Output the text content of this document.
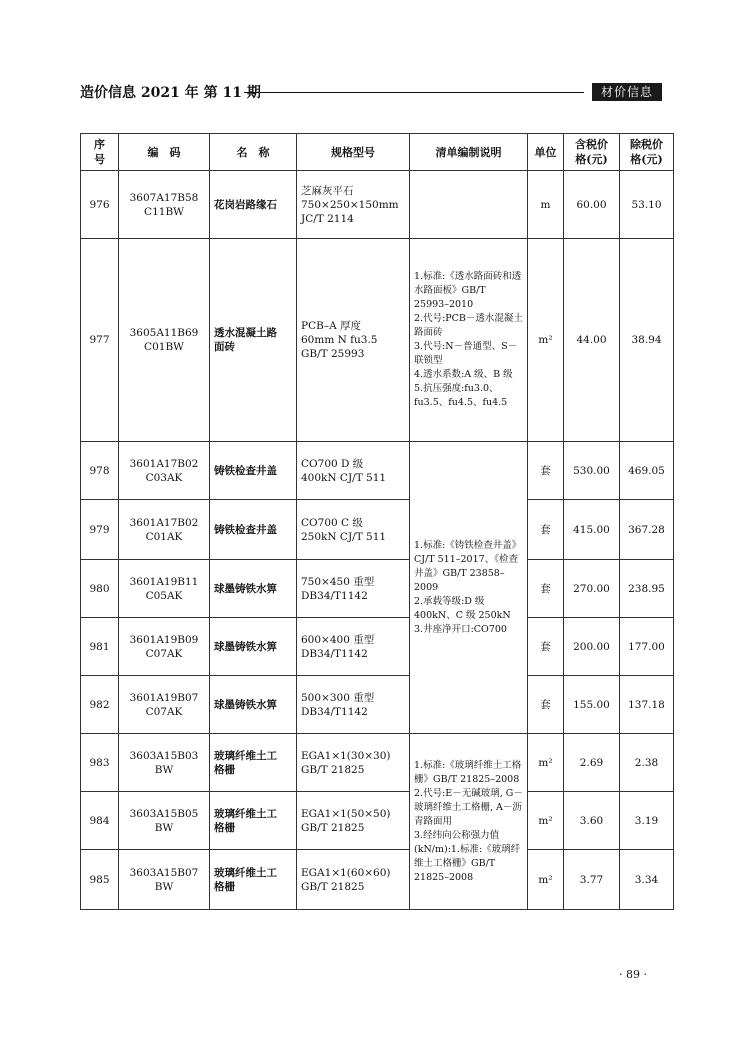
造价信息 2021 年 第 11 期	材价信息
序
号	编　码	名　称	规格型号	清单编制说明	单位	含税价
格(元)	除税价
格(元)
976	3607A17B58
C11BW	花岗岩路缘石	芝麻灰平石
750×250×150mm
JC/T 2114		m	60.00	53.10
977	3605A11B69
C01BW	透水混凝土路
面砖	PCB–A 厚度
60mm N fu3.5
GB/T 25993	1.标准:《透水路面砖和透水路面板》GB/T 25993–2010
2.代号:PCB－透水混凝土路面砖
3.代号:N－普通型、S－联锁型
4.透水系数:A 级、B 级
5.抗压强度:fu3.0、fu3.5、fu4.5、fu4.5	m²	44.00	38.94
978	3601A17B02
C03AK	铸铁检查井盖	CO700 D 级
400kN CJ/T 511	1.标准:《铸铁检查井盖》CJ/T 511–2017、《检查井盖》GB/T 23858–2009
2.承载等级:D 级 400kN、C 级 250kN
3.井座净开口:CO700	套	530.00	469.05
979	3601A17B02
C01AK	铸铁检查井盖	CO700 C 级
250kN CJ/T 511		套	415.00	367.28
980	3601A19B11
C05AK	球墨铸铁水箅	750×450 重型
DB34/T1142		套	270.00	238.95
981	3601A19B09
C07AK	球墨铸铁水箅	600×400 重型
DB34/T1142		套	200.00	177.00
982	3601A19B07
C07AK	球墨铸铁水箅	500×300 重型
DB34/T1142		套	155.00	137.18
983	3603A15B03
BW	玻璃纤维土工
格栅	EGA1×1(30×30)
GB/T 21825	1.标准:《玻璃纤维土工格栅》GB/T 21825–2008
2.代号:E－无碱玻璃, G－玻璃纤维土工格栅, A－沥青路面用
3.经纬向公称强力值(kN/m):1.标准:《玻璃纤维土工格栅》GB/T 21825–2008	m²	2.69	2.38
984	3603A15B05
BW	玻璃纤维土工
格栅	EGA1×1(50×50)
GB/T 21825		m²	3.60	3.19
985	3603A15B07
BW	玻璃纤维土工
格栅	EGA1×1(60×60)
GB/T 21825		m²	3.77	3.34
· 89 ·
